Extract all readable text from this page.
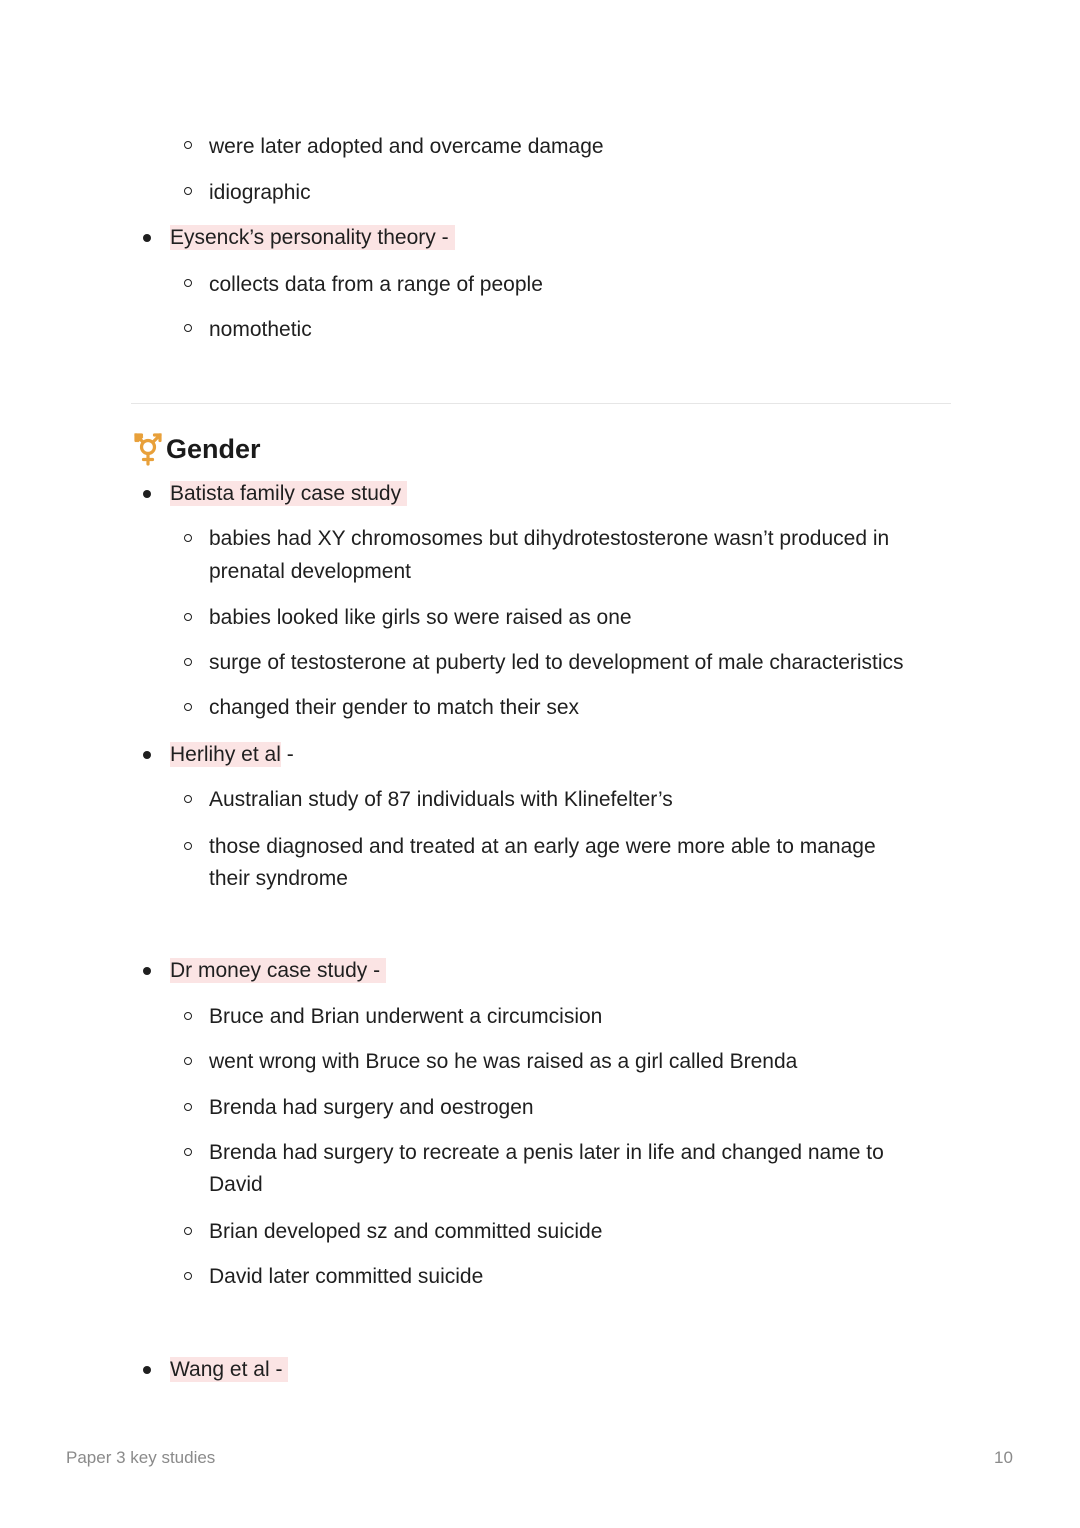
were later adopted and overcame damage
idiographic
Eysenck’s personality theory -
collects data from a range of people
nomothetic
Gender
Batista family case study
babies had XY chromosomes but dihydrotestosterone wasn’t produced in
prenatal development
babies looked like girls so were raised as one
surge of testosterone at puberty led to development of male characteristics
changed their gender to match their sex
Herlihy et al -
Australian study of 87 individuals with Klinefelter’s
those diagnosed and treated at an early age were more able to manage
their syndrome
Dr money case study -
Bruce and Brian underwent a circumcision
went wrong with Bruce so he was raised as a girl called Brenda
Brenda had surgery and oestrogen
Brenda had surgery to recreate a penis later in life and changed name to
David
Brian developed sz and committed suicide
David later committed suicide
Wang et al -
Paper 3 key studies	10
